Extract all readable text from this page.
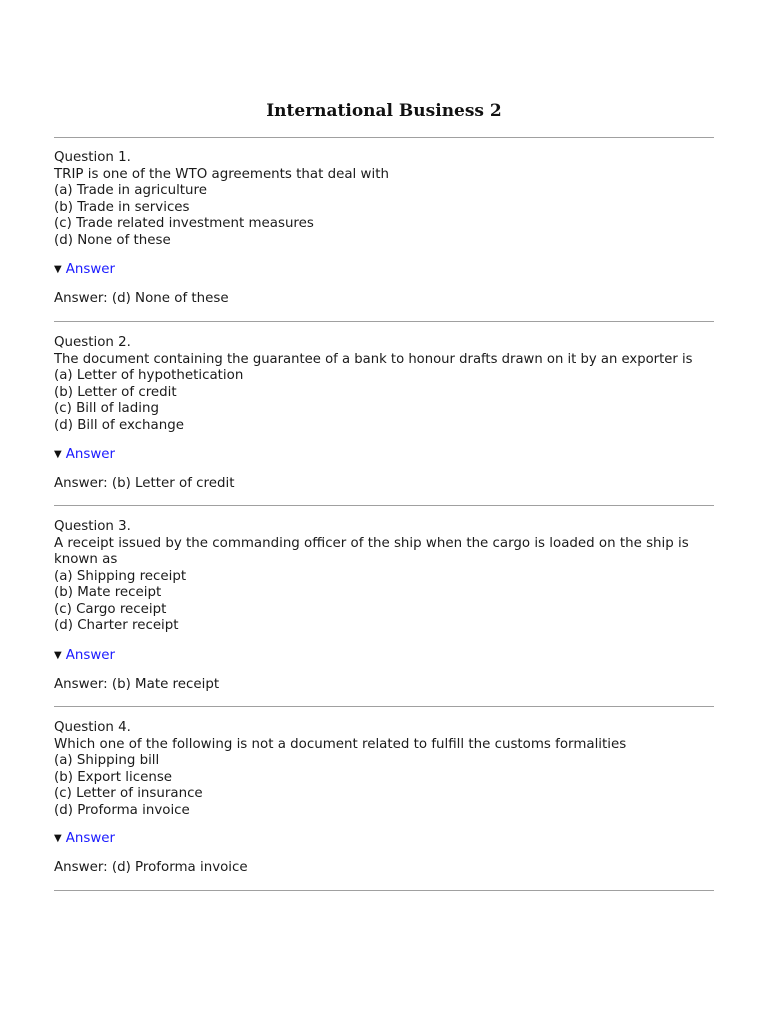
International Business 2
Question 1.
TRIP is one of the WTO agreements that deal with
(a) Trade in agriculture
(b) Trade in services
(c) Trade related investment measures
(d) None of these
▼ Answer
Answer: (d) None of these
Question 2.
The document containing the guarantee of a bank to honour drafts drawn on it by an exporter is
(a) Letter of hypothetication
(b) Letter of credit
(c) Bill of lading
(d) Bill of exchange
▼ Answer
Answer: (b) Letter of credit
Question 3.
A receipt issued by the commanding officer of the ship when the cargo is loaded on the ship is known as
(a) Shipping receipt
(b) Mate receipt
(c) Cargo receipt
(d) Charter receipt
▼ Answer
Answer: (b) Mate receipt
Question 4.
Which one of the following is not a document related to fulfill the customs formalities
(a) Shipping bill
(b) Export license
(c) Letter of insurance
(d) Proforma invoice
▼ Answer
Answer: (d) Proforma invoice
